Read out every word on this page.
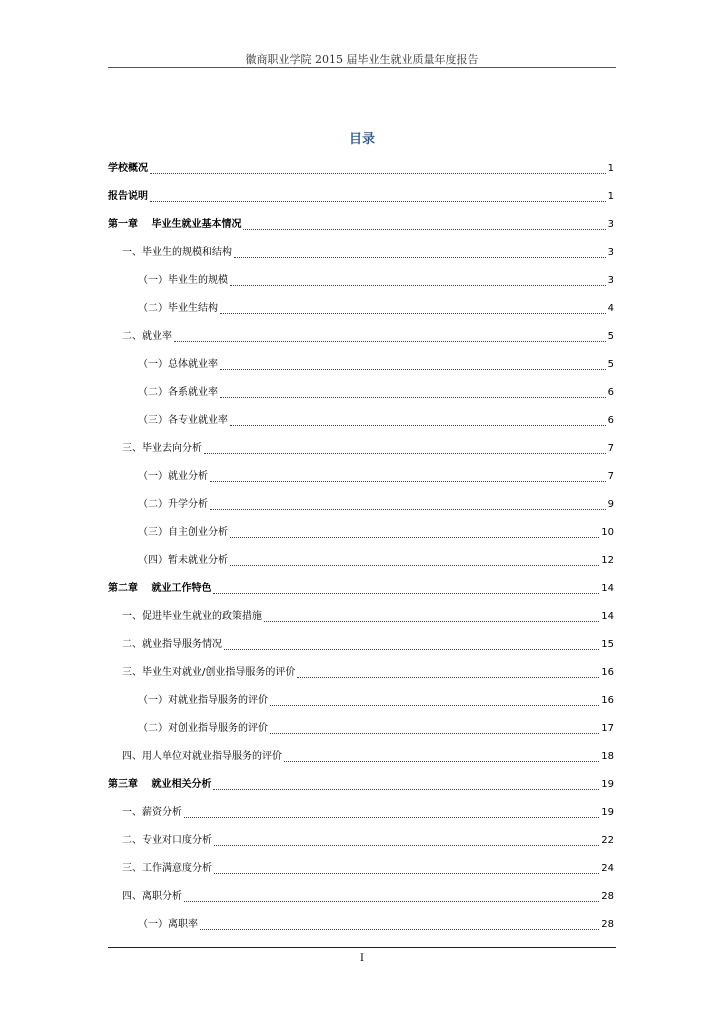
徽商职业学院 2015 届毕业生就业质量年度报告
目录
学校概况	1
报告说明	1
第一章　 毕业生就业基本情况	3
一、毕业生的规模和结构	3
（一）毕业生的规模	3
（二）毕业生结构	4
二、就业率	5
（一）总体就业率	5
（二）各系就业率	6
（三）各专业就业率	6
三、毕业去向分析	7
（一）就业分析	7
（二）升学分析	9
（三）自主创业分析	10
（四）暂未就业分析	12
第二章　 就业工作特色	14
一、促进毕业生就业的政策措施	14
二、就业指导服务情况	15
三、毕业生对就业/创业指导服务的评价	16
（一）对就业指导服务的评价	16
（二）对创业指导服务的评价	17
四、用人单位对就业指导服务的评价	18
第三章　 就业相关分析	19
一、薪资分析	19
二、专业对口度分析	22
三、工作满意度分析	24
四、离职分析	28
（一）离职率	28
I
